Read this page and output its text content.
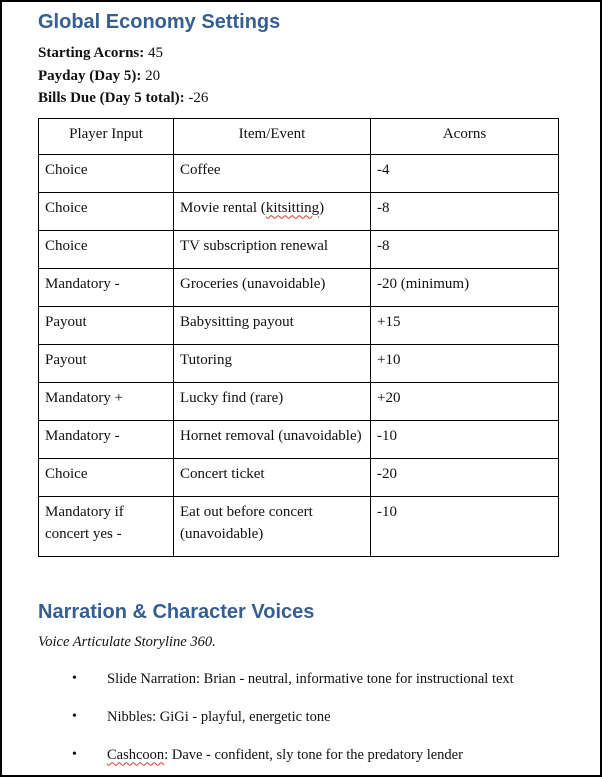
Global Economy Settings
Starting Acorns: 45
Payday (Day 5): 20
Bills Due (Day 5 total): -26
Player Input	Item/Event	Acorns
Choice	Coffee	-4
Choice	Movie rental (kitsitting)	-8
Choice	TV subscription renewal	-8
Mandatory -	Groceries (unavoidable)	-20 (minimum)
Payout	Babysitting payout	+15
Payout	Tutoring	+10
Mandatory +	Lucky find (rare)	+20
Mandatory -	Hornet removal (unavoidable)	-10
Choice	Concert ticket	-20
Mandatory if concert yes -	Eat out before concert (unavoidable)	-10
Narration & Character Voices

Voice Articulate Storyline 360.

•	Slide Narration: Brian - neutral, informative tone for instructional text
•	Nibbles: GiGi - playful, energetic tone
•	Cashcoon: Dave - confident, sly tone for the predatory lender
